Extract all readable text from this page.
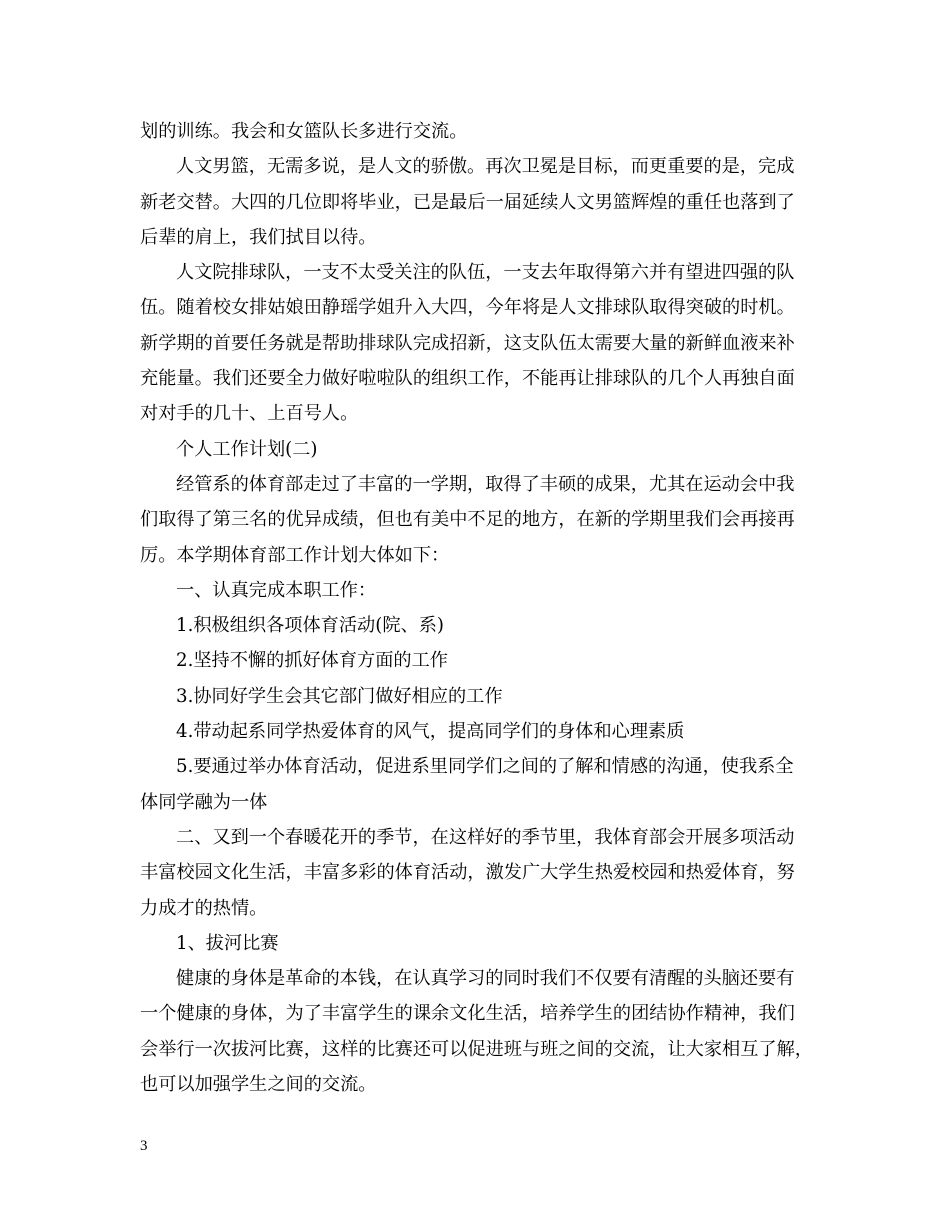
划的训练。我会和女篮队长多进行交流。

人文男篮，无需多说，是人文的骄傲。再次卫冕是目标，而更重要的是，完成

新老交替。大四的几位即将毕业，已是最后一届延续人文男篮辉煌的重任也落到了

后辈的肩上，我们拭目以待。

人文院排球队，一支不太受关注的队伍，一支去年取得第六并有望进四强的队

伍。随着校女排姑娘田静瑶学姐升入大四，今年将是人文排球队取得突破的时机。

新学期的首要任务就是帮助排球队完成招新，这支队伍太需要大量的新鲜血液来补

充能量。我们还要全力做好啦啦队的组织工作，不能再让排球队的几个人再独自面

对对手的几十、上百号人。

个人工作计划(二)

经管系的体育部走过了丰富的一学期，取得了丰硕的成果，尤其在运动会中我

们取得了第三名的优异成绩，但也有美中不足的地方，在新的学期里我们会再接再

厉。本学期体育部工作计划大体如下：

一、认真完成本职工作：

1.积极组织各项体育活动(院、系)

2.坚持不懈的抓好体育方面的工作

3.协同好学生会其它部门做好相应的工作

4.带动起系同学热爱体育的风气，提高同学们的身体和心理素质

5.要通过举办体育活动，促进系里同学们之间的了解和情感的沟通，使我系全

体同学融为一体

二、又到一个春暖花开的季节，在这样好的季节里，我体育部会开展多项活动

丰富校园文化生活，丰富多彩的体育活动，激发广大学生热爱校园和热爱体育，努

力成才的热情。

1、拔河比赛

健康的身体是革命的本钱，在认真学习的同时我们不仅要有清醒的头脑还要有

一个健康的身体，为了丰富学生的课余文化生活，培养学生的团结协作精神，我们

会举行一次拔河比赛，这样的比赛还可以促进班与班之间的交流，让大家相互了解，

也可以加强学生之间的交流。

3
